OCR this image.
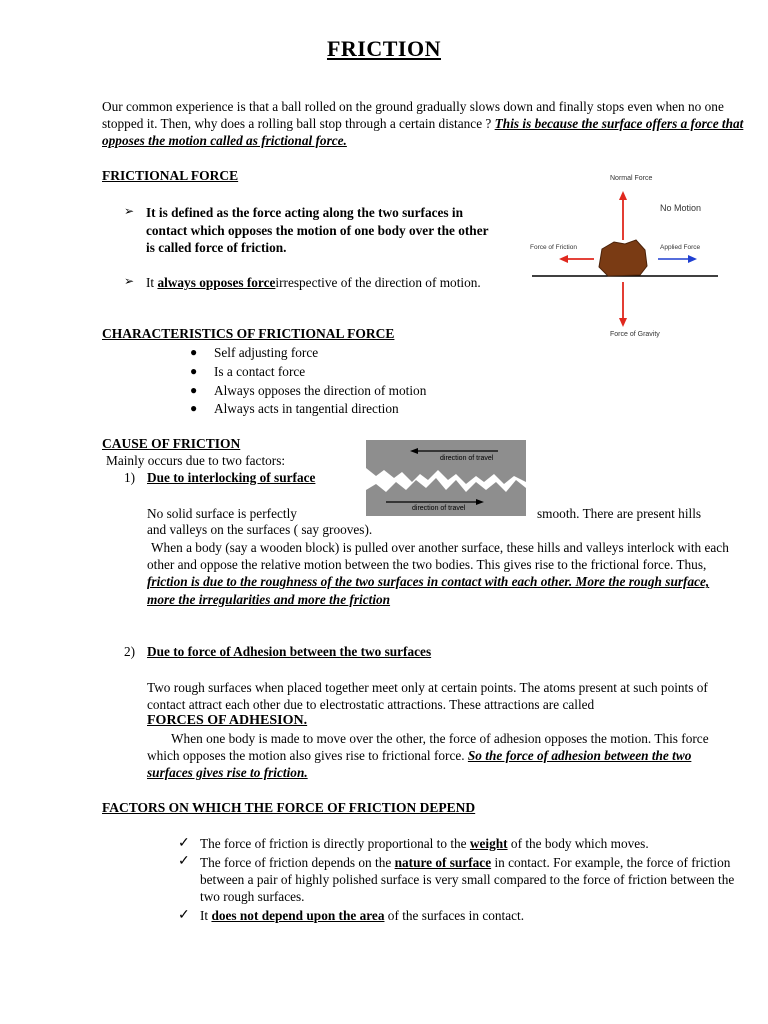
FRICTION
Our common experience is that a ball rolled on the ground gradually slows down and finally stops even when no one stopped it. Then, why does a rolling ball stop through a certain distance ? This is because the surface offers a force that opposes the motion called as frictional force.
FRICTIONAL FORCE
➢ It is defined as the force acting along the two surfaces in contact which opposes the motion of one body over the other is called force of friction.
➢ It always opposes forceirrespective of the direction of motion.
Normal Force
No Motion
Force of Friction	Applied Force
Force of Gravity
CHARACTERISTICS OF FRICTIONAL FORCE
● Self adjusting force
● Is a contact force
● Always opposes the direction of motion
● Always acts in tangential direction
CAUSE OF FRICTION
Mainly occurs due to two factors:
1) Due to interlocking of surface
direction of travel
direction of travel
No solid surface is perfectly	smooth. There are present hills
and valleys on the surfaces ( say grooves).
When a body (say a wooden block) is pulled over another surface, these hills and valleys interlock with each other and oppose the relative motion between the two bodies. This gives rise to the frictional force. Thus, friction is due to the roughness of the two surfaces in contact with each other. More the rough surface, more the irregularities and more the friction
2) Due to force of Adhesion between the two surfaces
Two rough surfaces when placed together meet only at certain points. The atoms present at such points of contact attract each other due to electrostatic attractions. These attractions are called
FORCES OF ADHESION.
When one body is made to move over the other, the force of adhesion opposes the motion. This force which opposes the motion also gives rise to frictional force. So the force of adhesion between the two surfaces gives rise to friction.
FACTORS ON WHICH THE FORCE OF FRICTION DEPEND
✓ The force of friction is directly proportional to the weight of the body which moves.
✓ The force of friction depends on the nature of surface in contact. For example, the force of friction between a pair of highly polished surface is very small compared to the force of friction between the two rough surfaces.
✓ It does not depend upon the area of the surfaces in contact.
